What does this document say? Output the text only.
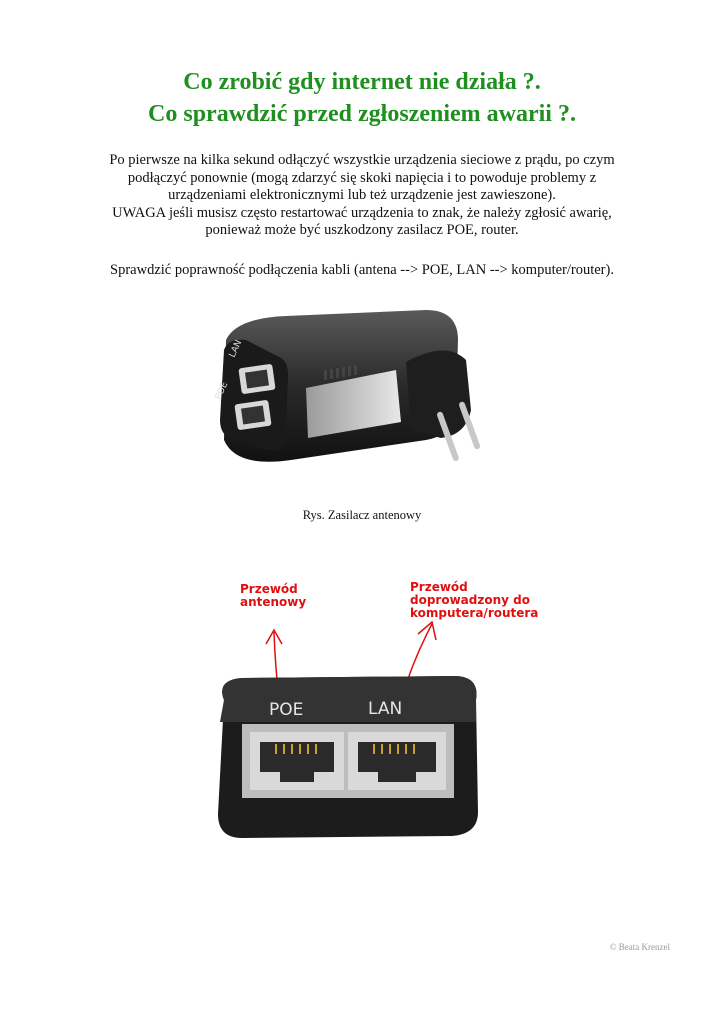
Co zrobić gdy internet nie działa ?.
Co sprawdzić przed zgłoszeniem awarii ?.
Po pierwsze na kilka sekund odłączyć wszystkie urządzenia sieciowe z prądu, po czym
podłączyć ponownie (mogą zdarzyć się skoki napięcia i to powoduje problemy z
urządzeniami elektronicznymi lub też urządzenie jest zawieszone).
UWAGA jeśli musisz często restartować urządzenia to znak, że należy zgłosić awarię,
ponieważ może być uszkodzony zasilacz POE, router.
Sprawdzić poprawność podłączenia kabli (antena --> POE, LAN --> komputer/router).
LAN
POE
Rys. Zasilacz antenowy
Przewód
antenowy
Przewód
doprowadzony do
komputera/routera
POE	LAN
© Beata Krenzel
